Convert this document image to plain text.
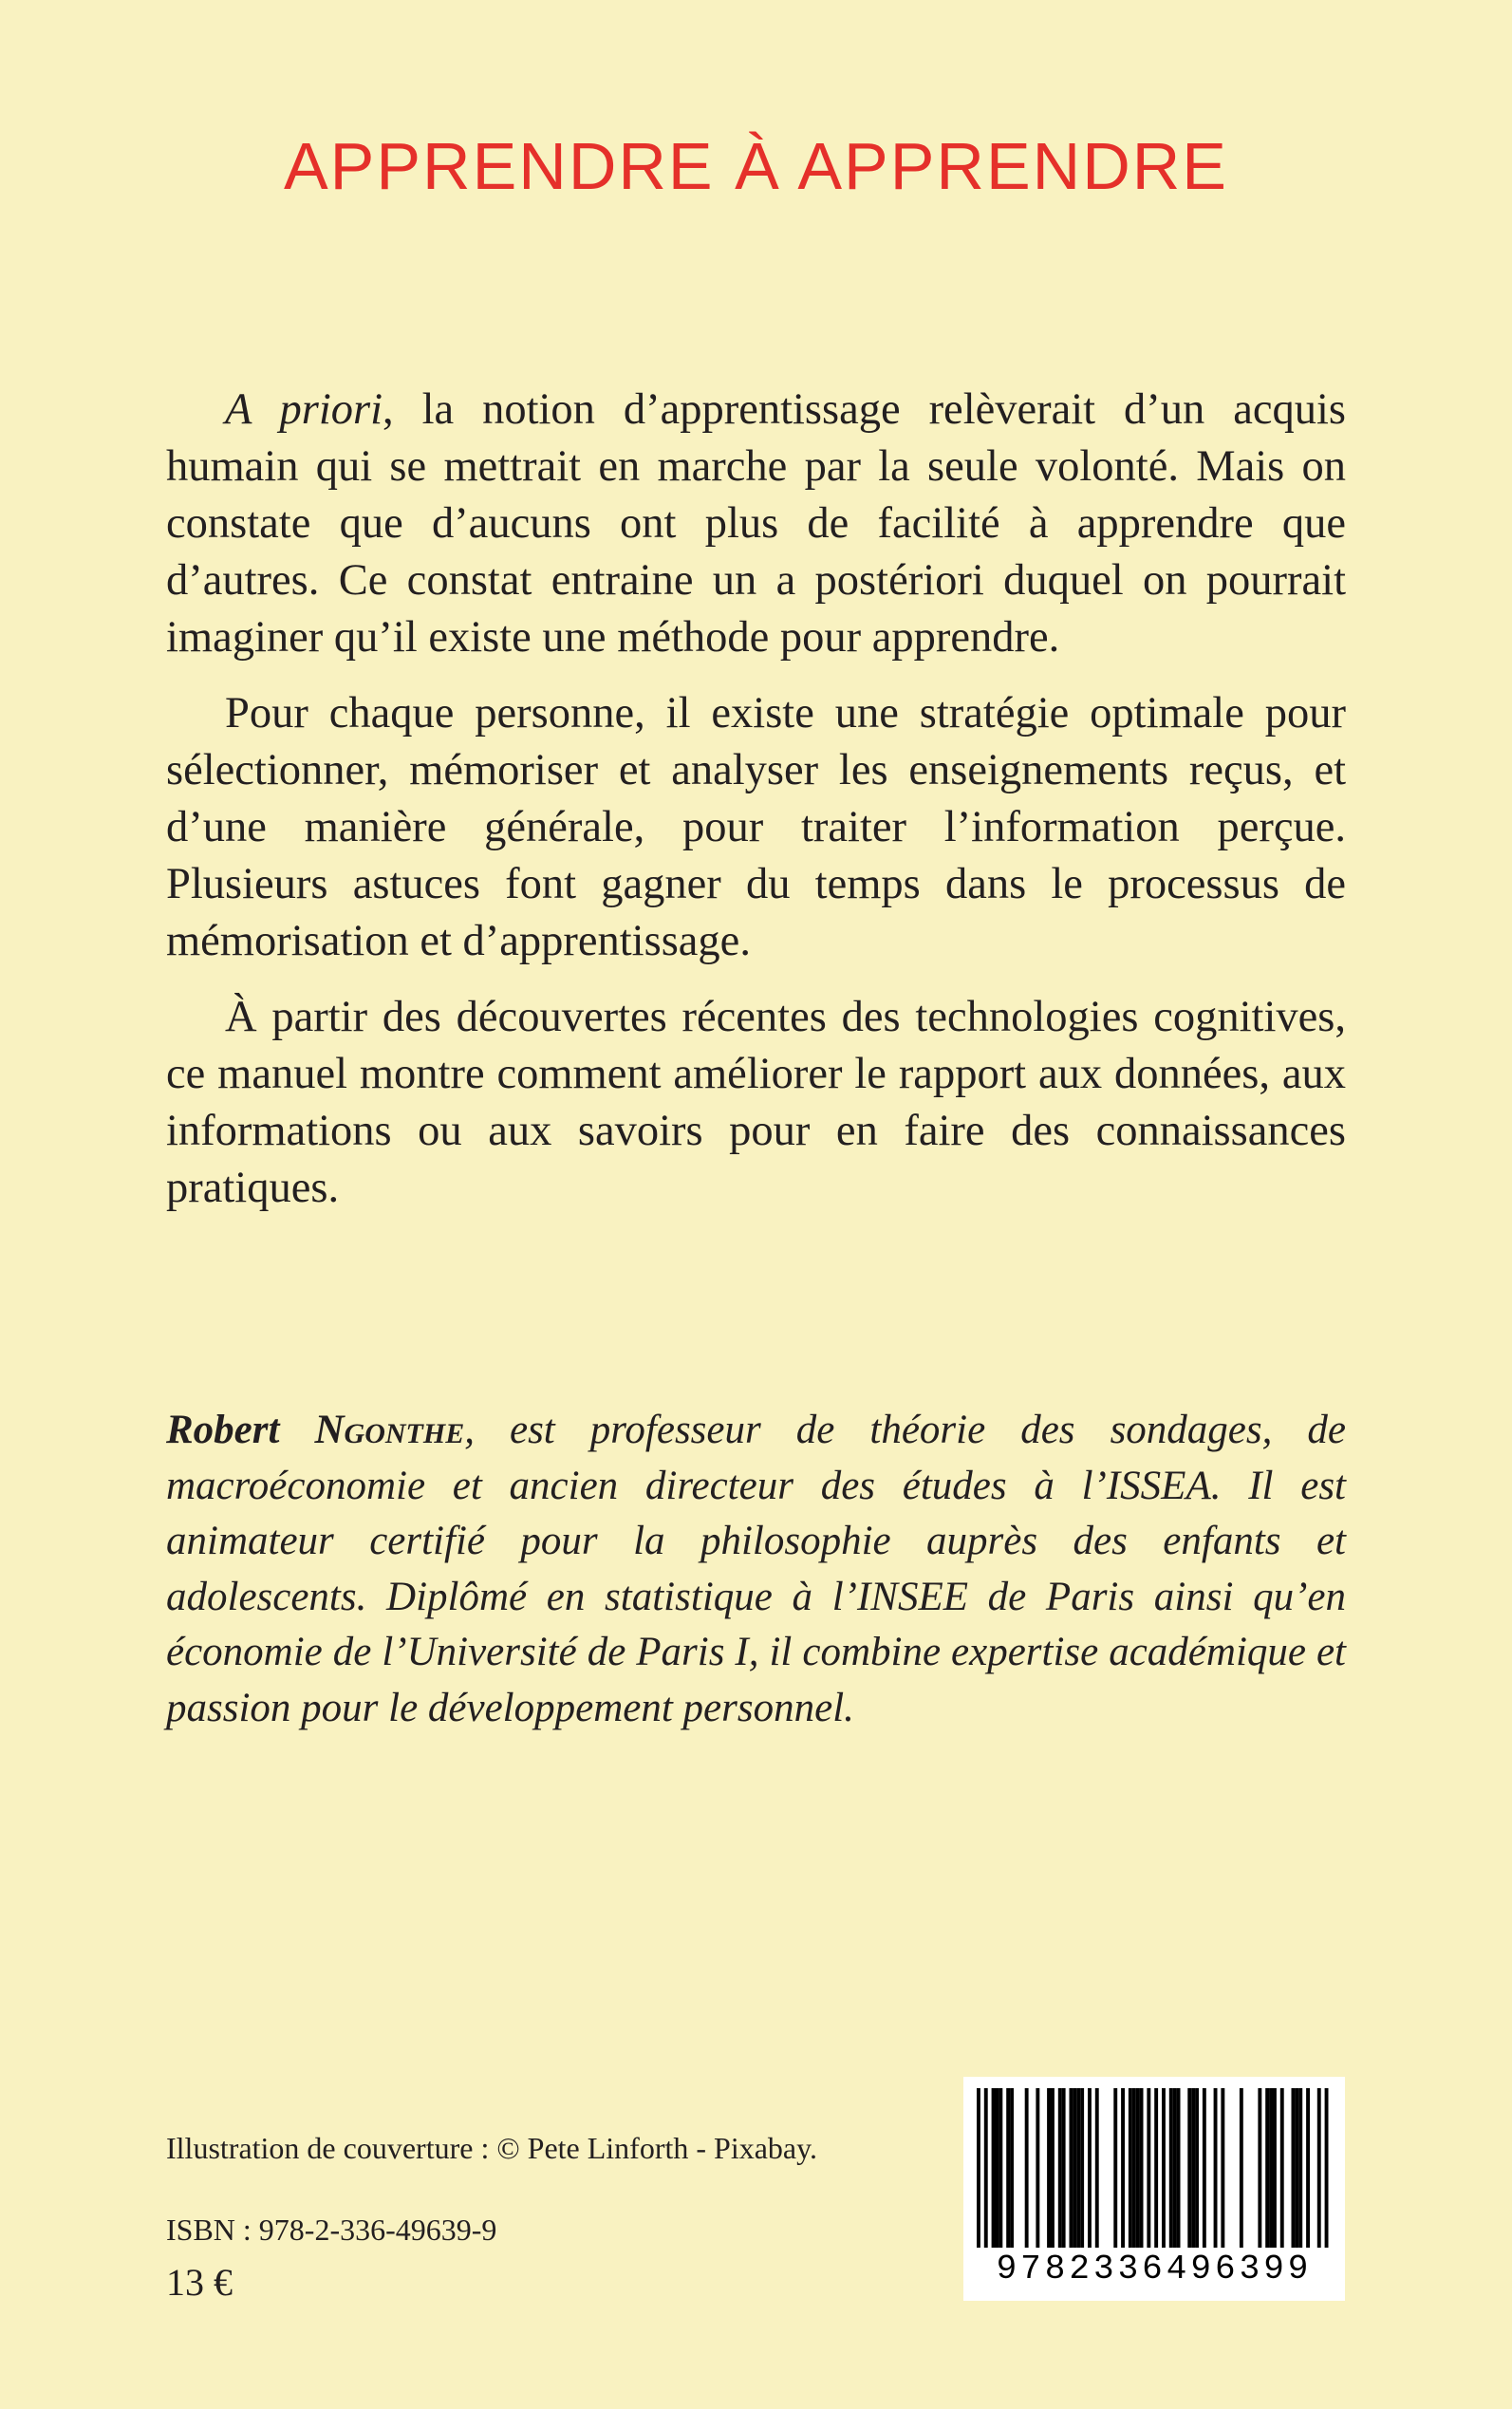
APPRENDRE À APPRENDRE

A priori, la notion d’apprentissage relèverait d’un acquis humain qui se mettrait en marche par la seule volonté. Mais on constate que d’aucuns ont plus de facilité à apprendre que d’autres. Ce constat entraine un a postériori duquel on pourrait imaginer qu’il existe une méthode pour apprendre.

Pour chaque personne, il existe une stratégie optimale pour sélectionner, mémoriser et analyser les enseignements reçus, et d’une manière générale, pour traiter l’information perçue. Plusieurs astuces font gagner du temps dans le processus de mémorisation et d’apprentissage.

À partir des découvertes récentes des technologies cognitives, ce manuel montre comment améliorer le rapport aux données, aux informations ou aux savoirs pour en faire des connaissances pratiques.

Robert Ngonthe, est professeur de théorie des sondages, de macroéconomie et ancien directeur des études à l’ISSEA. Il est animateur certifié pour la philosophie auprès des enfants et adolescents. Diplômé en statistique à l’INSEE de Paris ainsi qu’en économie de l’Université de Paris I, il combine expertise académique et passion pour le développement personnel.

Illustration de couverture : © Pete Linforth - Pixabay.
ISBN : 978-2-336-49639-9
13 €	9782336496399
